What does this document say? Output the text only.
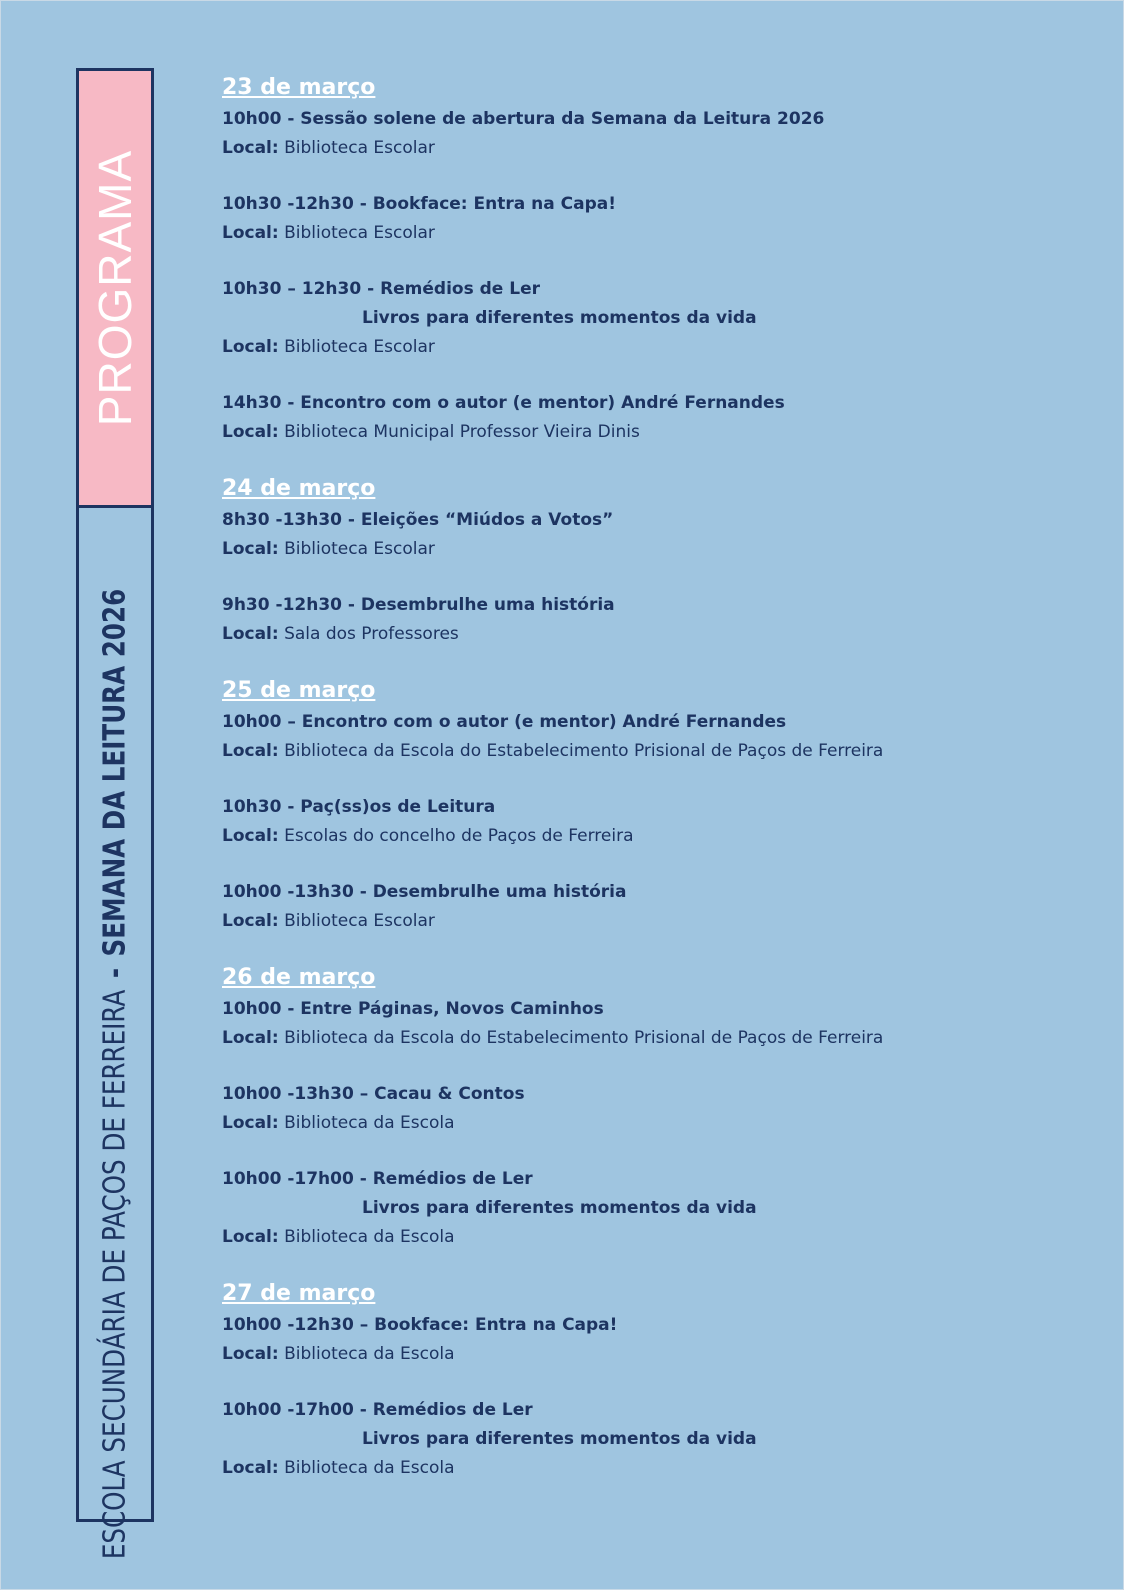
PROGRAMA
ESCOLA SECUNDÁRIA DE PAÇOS DE FERREIRA-SEMANA DA LEITURA 2026
23 de março
10h00 - Sessão solene de abertura da Semana da Leitura 2026
Local: Biblioteca Escolar
10h30 -12h30 - Bookface: Entra na Capa!
Local: Biblioteca Escolar
10h30 – 12h30 - Remédios de Ler
Livros para diferentes momentos da vida
Local: Biblioteca Escolar
14h30 - Encontro com o autor (e mentor) André Fernandes
Local: Biblioteca Municipal Professor Vieira Dinis
24 de março
8h30 -13h30 - Eleições “Miúdos a Votos”
Local: Biblioteca Escolar
9h30 -12h30 - Desembrulhe uma história
Local: Sala dos Professores
25 de março
10h00 – Encontro com o autor (e mentor) André Fernandes
Local: Biblioteca da Escola do Estabelecimento Prisional de Paços de Ferreira
10h30 - Paç(ss)os de Leitura
Local: Escolas do concelho de Paços de Ferreira
10h00 -13h30 - Desembrulhe uma história
Local: Biblioteca Escolar
26 de março
10h00 - Entre Páginas, Novos Caminhos
Local: Biblioteca da Escola do Estabelecimento Prisional de Paços de Ferreira
10h00 -13h30 – Cacau & Contos
Local: Biblioteca da Escola
10h00 -17h00 - Remédios de Ler
Livros para diferentes momentos da vida
Local: Biblioteca da Escola
27 de março
10h00 -12h30 – Bookface: Entra na Capa!
Local: Biblioteca da Escola
10h00 -17h00 - Remédios de Ler
Livros para diferentes momentos da vida
Local: Biblioteca da Escola
